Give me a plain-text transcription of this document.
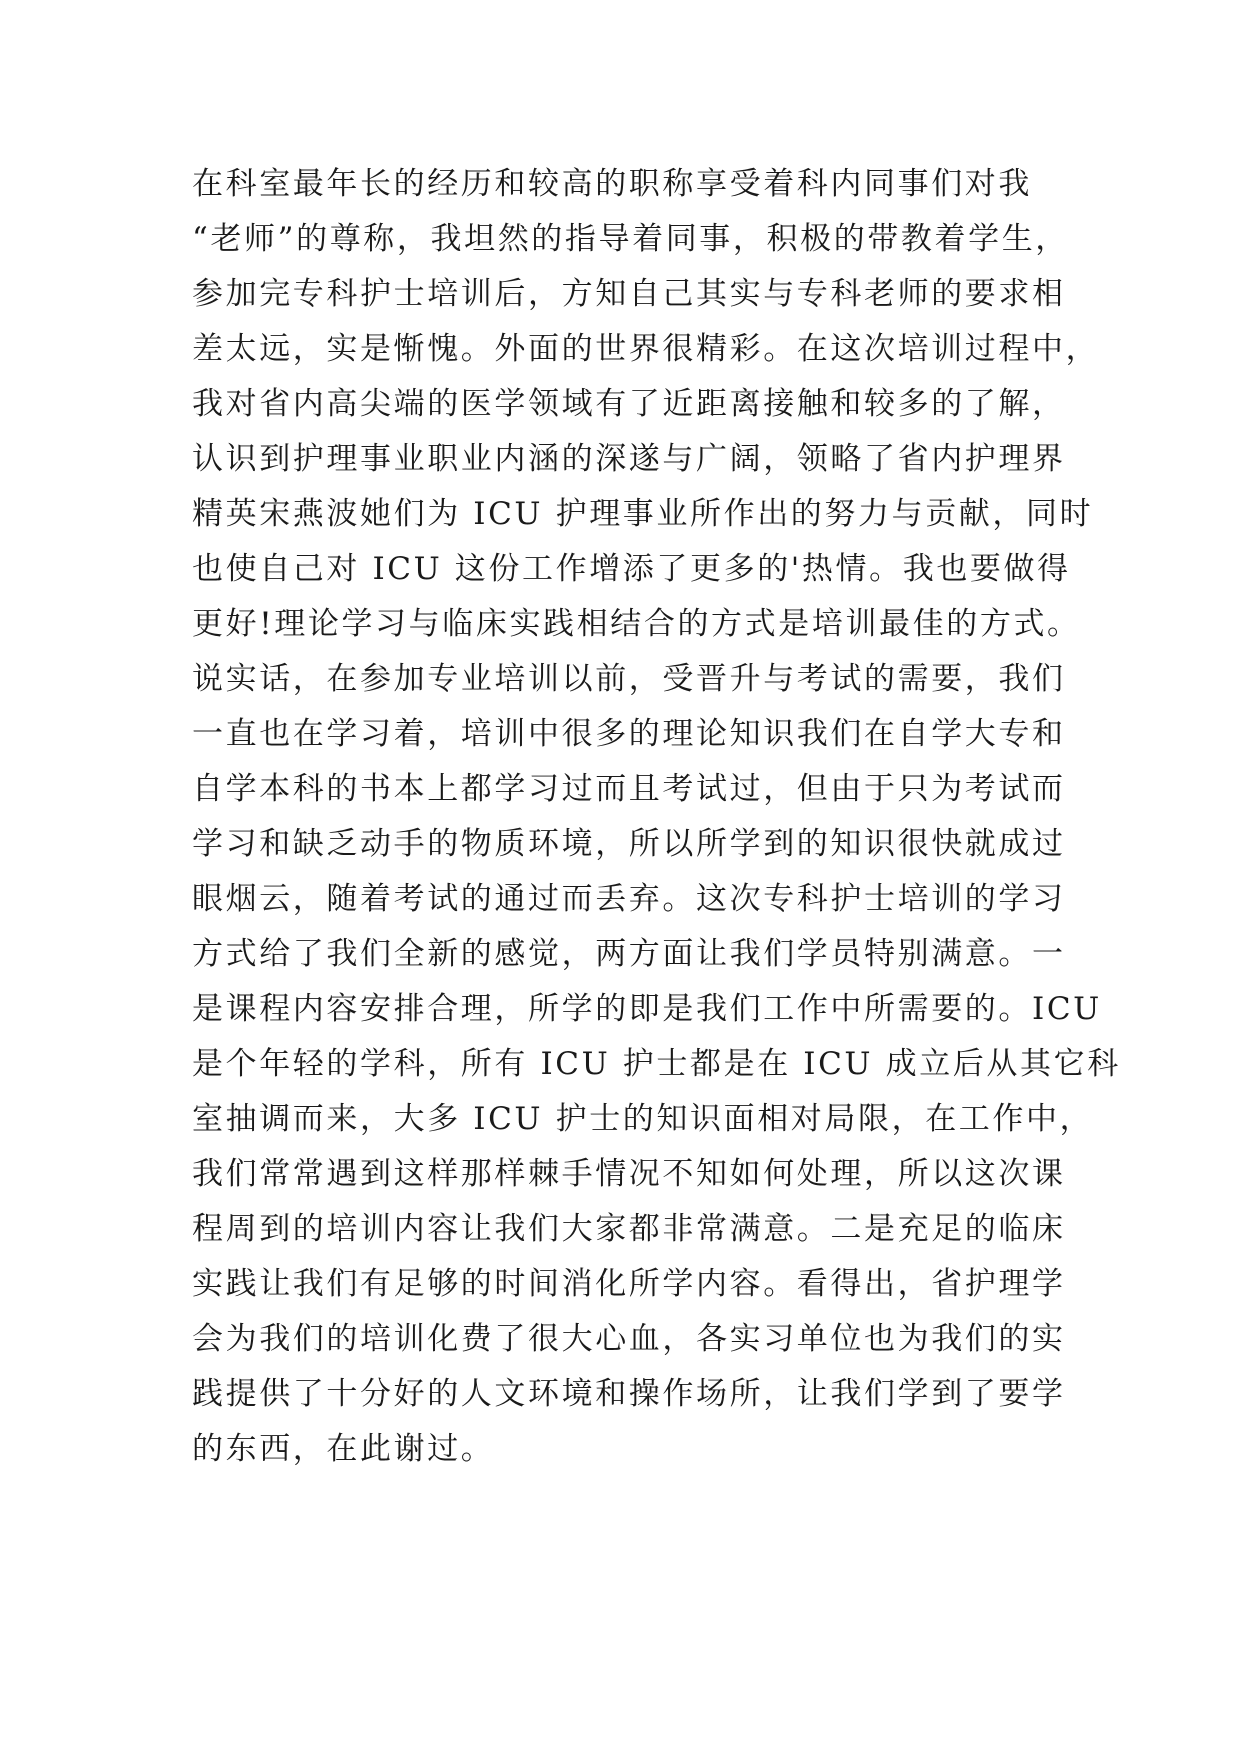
在科室最年长的经历和较高的职称享受着科内同事们对我
“老师”的尊称，我坦然的指导着同事，积极的带教着学生，
参加完专科护士培训后，方知自己其实与专科老师的要求相
差太远，实是惭愧。外面的世界很精彩。在这次培训过程中，
我对省内高尖端的医学领域有了近距离接触和较多的了解，
认识到护理事业职业内涵的深遂与广阔，领略了省内护理界
精英宋燕波她们为 ICU 护理事业所作出的努力与贡献，同时
也使自己对 ICU 这份工作增添了更多的'热情。我也要做得
更好!理论学习与临床实践相结合的方式是培训最佳的方式。
说实话，在参加专业培训以前，受晋升与考试的需要，我们
一直也在学习着，培训中很多的理论知识我们在自学大专和
自学本科的书本上都学习过而且考试过，但由于只为考试而
学习和缺乏动手的物质环境，所以所学到的知识很快就成过
眼烟云，随着考试的通过而丢弃。这次专科护士培训的学习
方式给了我们全新的感觉，两方面让我们学员特别满意。一
是课程内容安排合理，所学的即是我们工作中所需要的。ICU
是个年轻的学科，所有 ICU 护士都是在 ICU 成立后从其它科
室抽调而来，大多 ICU 护士的知识面相对局限，在工作中，
我们常常遇到这样那样棘手情况不知如何处理，所以这次课
程周到的培训内容让我们大家都非常满意。二是充足的临床
实践让我们有足够的时间消化所学内容。看得出，省护理学
会为我们的培训化费了很大心血，各实习单位也为我们的实
践提供了十分好的人文环境和操作场所，让我们学到了要学
的东西，在此谢过。
